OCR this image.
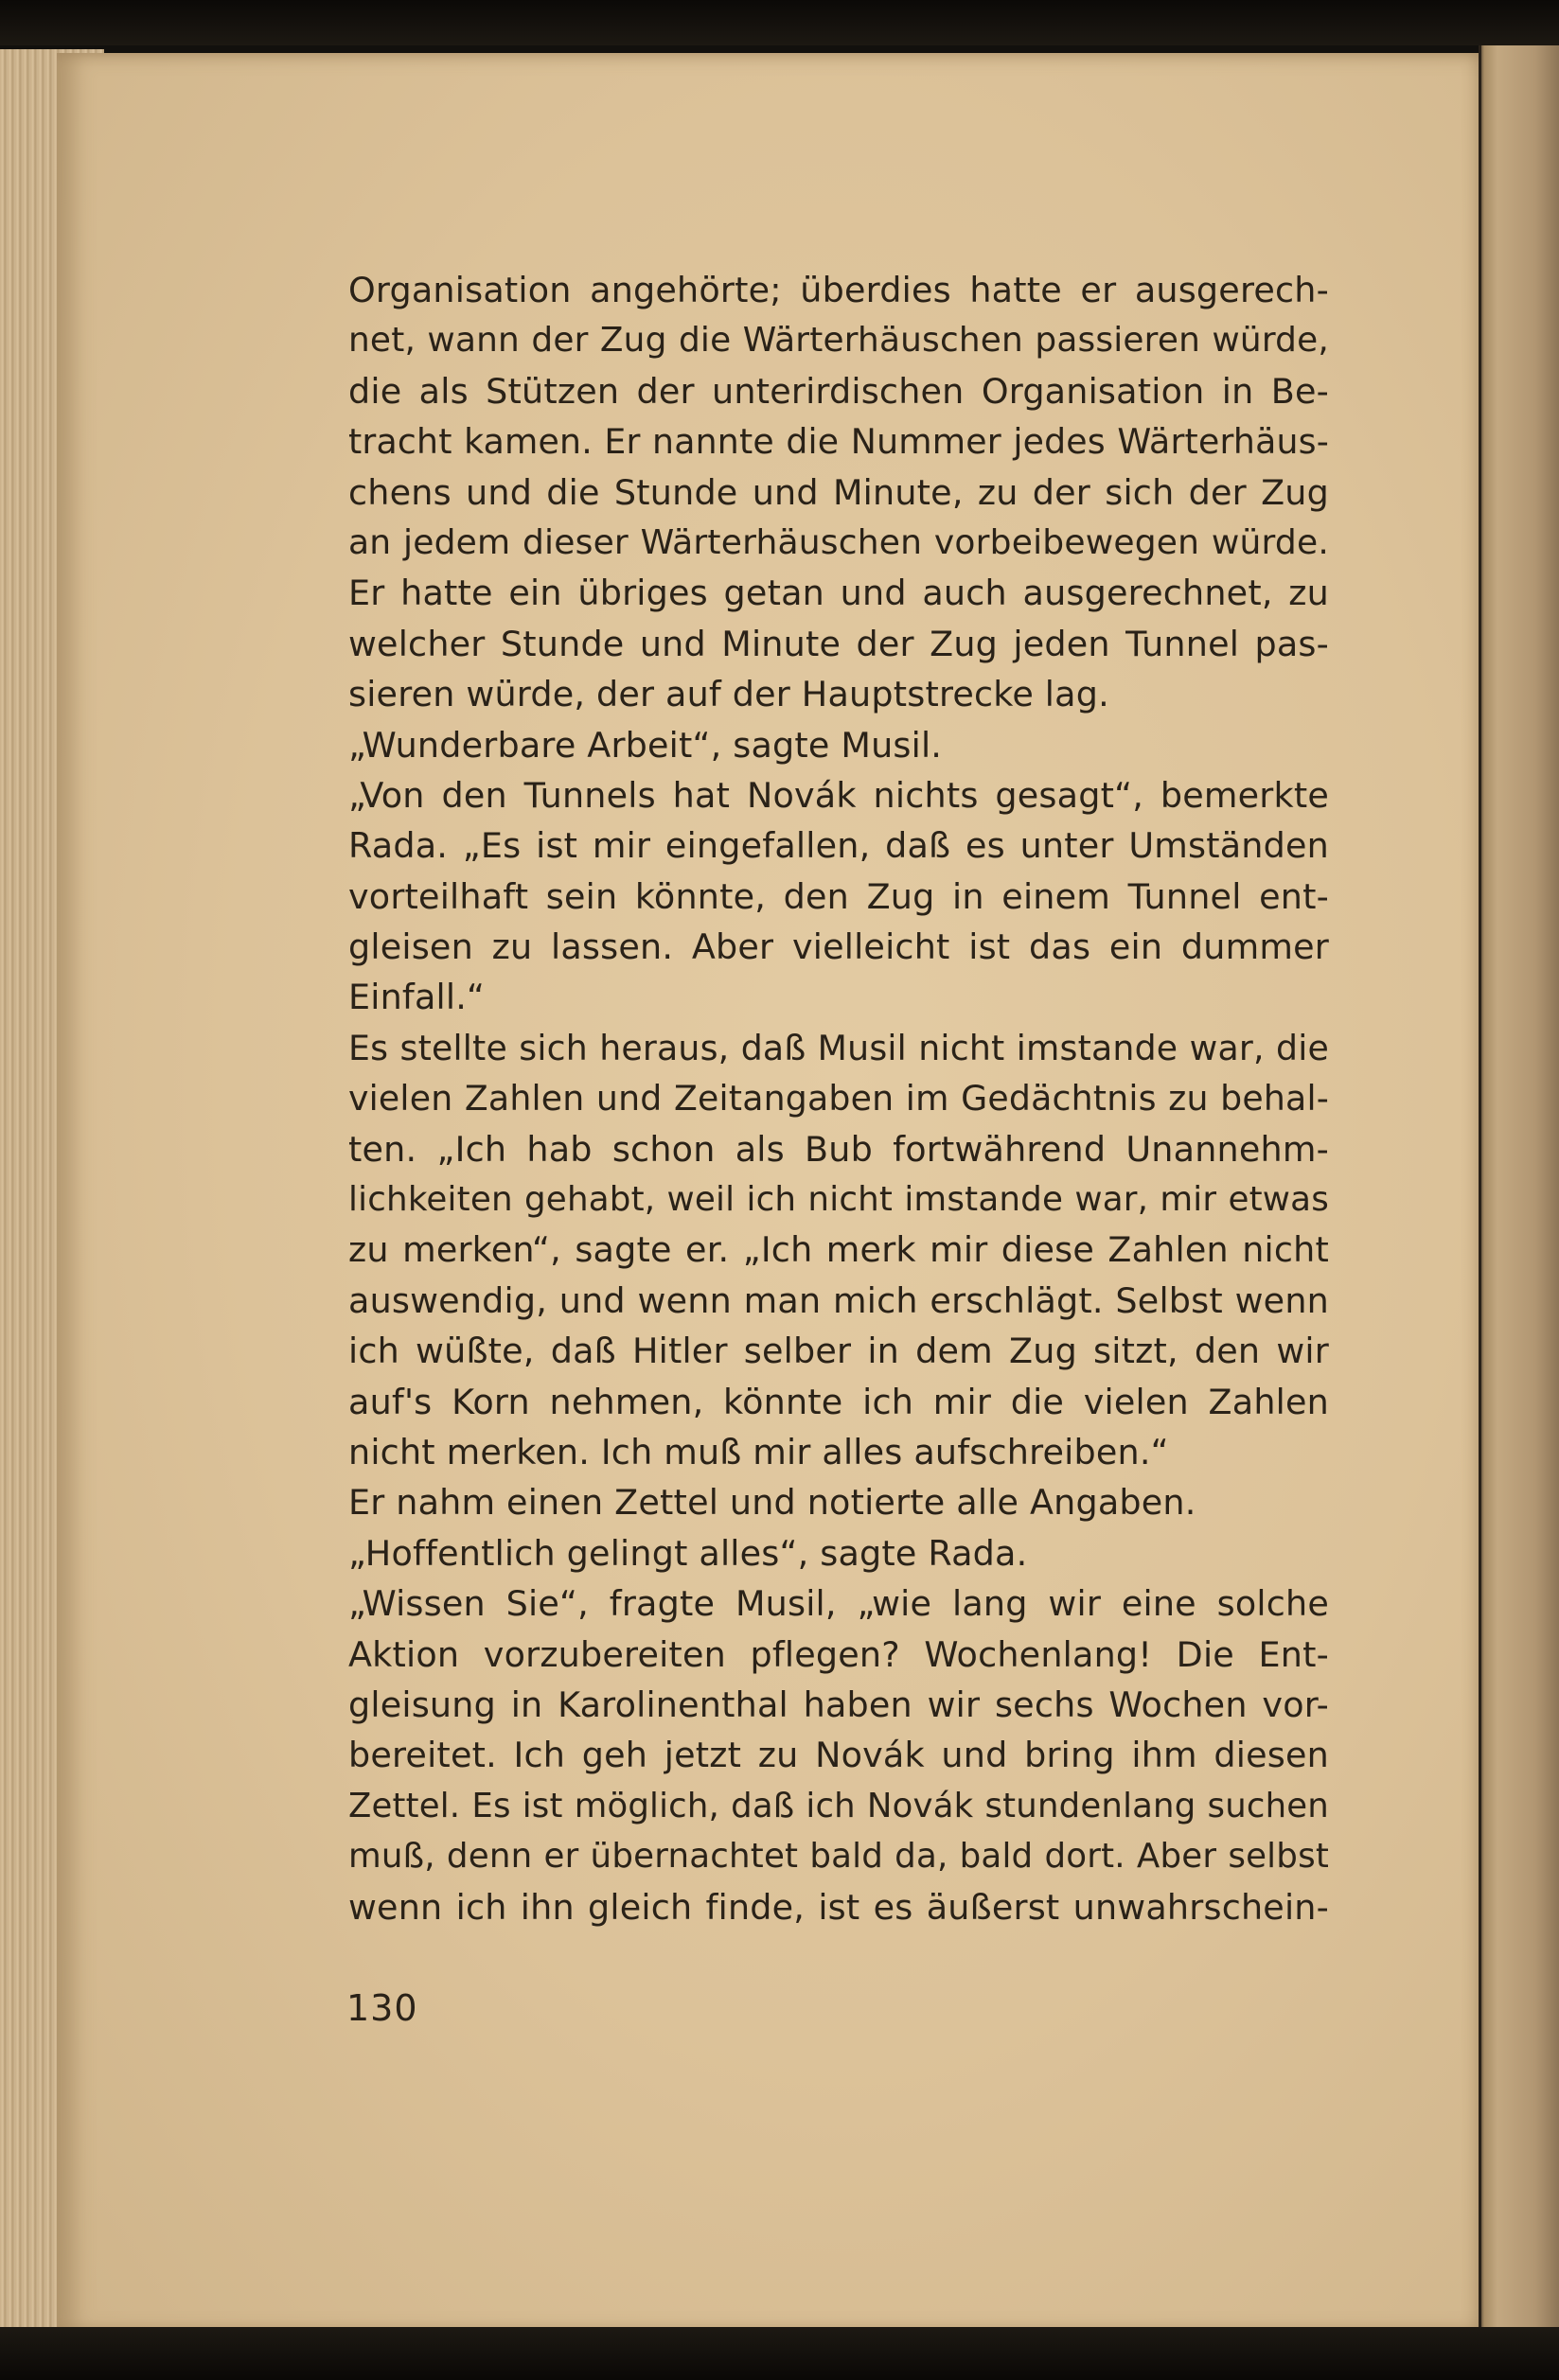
Organisation angehörte; überdies hatte er ausgerech-
net, wann der Zug die Wärterhäuschen passieren würde,
die als Stützen der unterirdischen Organisation in Be-
tracht kamen. Er nannte die Nummer jedes Wärterhäus-
chens und die Stunde und Minute, zu der sich der Zug
an jedem dieser Wärterhäuschen vorbeibewegen würde.
Er hatte ein übriges getan und auch ausgerechnet, zu
welcher Stunde und Minute der Zug jeden Tunnel pas-
sieren würde, der auf der Hauptstrecke lag.
„Wunderbare Arbeit“, sagte Musil.
„Von den Tunnels hat Novák nichts gesagt“, bemerkte
Rada. „Es ist mir eingefallen, daß es unter Umständen
vorteilhaft sein könnte, den Zug in einem Tunnel ent-
gleisen zu lassen. Aber vielleicht ist das ein dummer
Einfall.“
Es stellte sich heraus, daß Musil nicht imstande war, die
vielen Zahlen und Zeitangaben im Gedächtnis zu behal-
ten. „Ich hab schon als Bub fortwährend Unannehm-
lichkeiten gehabt, weil ich nicht imstande war, mir etwas
zu merken“, sagte er. „Ich merk mir diese Zahlen nicht
auswendig, und wenn man mich erschlägt. Selbst wenn
ich wüßte, daß Hitler selber in dem Zug sitzt, den wir
auf's Korn nehmen, könnte ich mir die vielen Zahlen
nicht merken. Ich muß mir alles aufschreiben.“
Er nahm einen Zettel und notierte alle Angaben.
„Hoffentlich gelingt alles“, sagte Rada.
„Wissen Sie“, fragte Musil, „wie lang wir eine solche
Aktion vorzubereiten pflegen? Wochenlang! Die Ent-
gleisung in Karolinenthal haben wir sechs Wochen vor-
bereitet. Ich geh jetzt zu Novák und bring ihm diesen
Zettel. Es ist möglich, daß ich Novák stundenlang suchen
muß, denn er übernachtet bald da, bald dort. Aber selbst
wenn ich ihn gleich finde, ist es äußerst unwahrschein-
130
